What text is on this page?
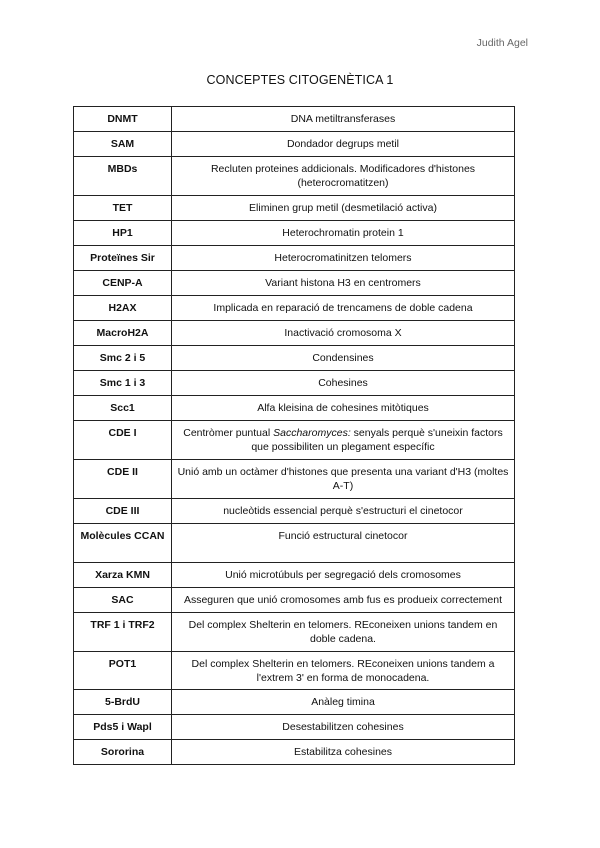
Judith Agel
CONCEPTES CITOGENÈTICA 1
DNMT	DNA metiltransferases
SAM	Dondador degrups metil
MBDs	Recluten proteines addicionals. Modificadores d'histones (heterocromatitzen)
TET	Eliminen grup metil (desmetilació activa)
HP1	Heterochromatin protein 1
Proteïnes Sir	Heterocromatinitzen telomers
CENP-A	Variant histona H3 en centromers
H2AX	Implicada en reparació de trencamens de doble cadena
MacroH2A	Inactivació cromosoma X
Smc 2 i 5	Condensines
Smc 1 i 3	Cohesines
Scc1	Alfa kleisina de cohesines mitòtiques
CDE I	Centròmer puntual Saccharomyces: senyals perquè s'uneixin factors que possibiliten un plegament específic
CDE II	Unió amb un octàmer d'histones que presenta una variant d'H3 (moltes A-T)
CDE III	nucleòtids essencial perquè s'estructuri el cinetocor
Molècules CCAN	Funció estructural cinetocor
Xarza KMN	Unió microtúbuls per segregació dels cromosomes
SAC	Asseguren que unió cromosomes amb fus es produeix correctement
TRF 1 i TRF2	Del complex Shelterin en telomers. REconeixen unions tandem en doble cadena.
POT1	Del complex Shelterin en telomers. REconeixen unions tandem a l'extrem 3' en forma de monocadena.
5-BrdU	Anàleg timina
Pds5 i Wapl	Desestabilitzen cohesines
Sororina	Estabilitza cohesines
